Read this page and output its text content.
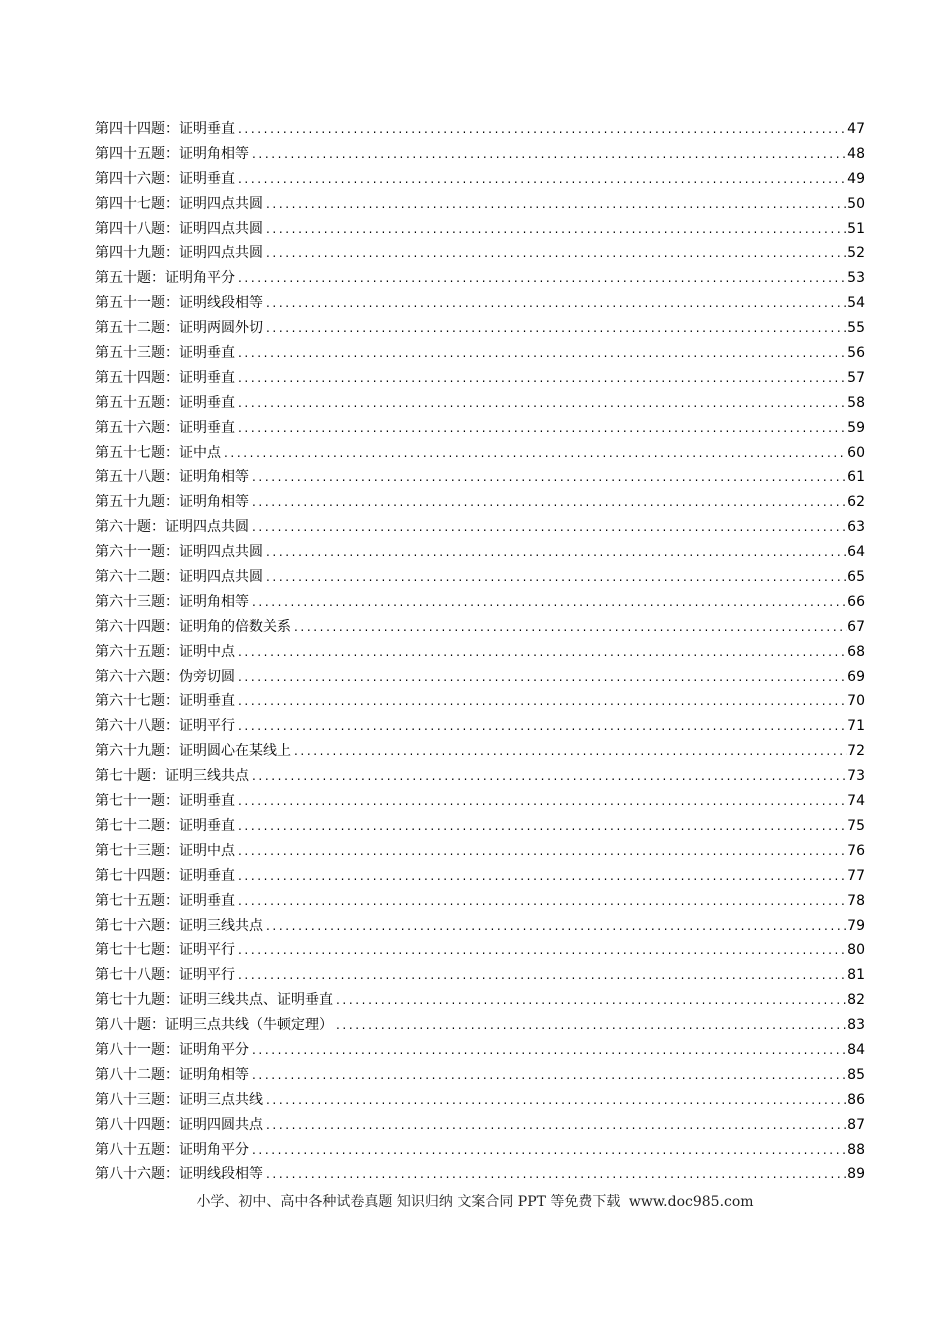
第四十四题 ： 证明垂直 .....	47
第四十五题 ： 证明角相等 .....	48
第四十六题 ： 证明垂直 .....	49
第四十七题 ： 证明四点共圆 .....	50
第四十八题 ： 证明四点共圆 .....	51
第四十九题 ： 证明四点共圆 .....	52
第五十题 ： 证明角平分 .....	53
第五十一题 ： 证明线段相等 .....	54
第五十二题 ： 证明两圆外切 .....	55
第五十三题 ： 证明垂直 .....	56
第五十四题 ： 证明垂直 .....	57
第五十五题 ： 证明垂直 .....	58
第五十六题 ： 证明垂直 .....	59
第五十七题 ： 证中点 .....	60
第五十八题 ： 证明角相等 .....	61
第五十九题 ： 证明角相等 .....	62
第六十题 ： 证明四点共圆 .....	63
第六十一题 ： 证明四点共圆 .....	64
第六十二题 ： 证明四点共圆 .....	65
第六十三题 ： 证明角相等 .....	66
第六十四题 ： 证明角的倍数关系 .....	67
第六十五题 ： 证明中点 .....	68
第六十六题 ： 伪旁切圆 .....	69
第六十七题 ： 证明垂直 .....	70
第六十八题 ： 证明平行 .....	71
第六十九题 ： 证明圆心在某线上 .....	72
第七十题 ： 证明三线共点 .....	73
第七十一题 ： 证明垂直 .....	74
第七十二题 ： 证明垂直 .....	75
第七十三题 ： 证明中点 .....	76
第七十四题 ： 证明垂直 .....	77
第七十五题 ： 证明垂直 .....	78
第七十六题 ： 证明三线共点 .....	79
第七十七题 ： 证明平行 .....	80
第七十八题 ： 证明平行 .....	81
第七十九题 ： 证明三线共点、证明垂直 .....	82
第八十题 ： 证明三点共线（牛顿定理） .....	83
第八十一题 ： 证明角平分 .....	84
第八十二题 ： 证明角相等 .....	85
第八十三题 ： 证明三点共线 .....	86
第八十四题 ： 证明四圆共点 .....	87
第八十五题 ： 证明角平分 .....	88
第八十六题 ： 证明线段相等 .....	89
小学、初中、高中各种试卷真题 知识归纳 文案合同 PPT 等免费下载 www.doc985.com
